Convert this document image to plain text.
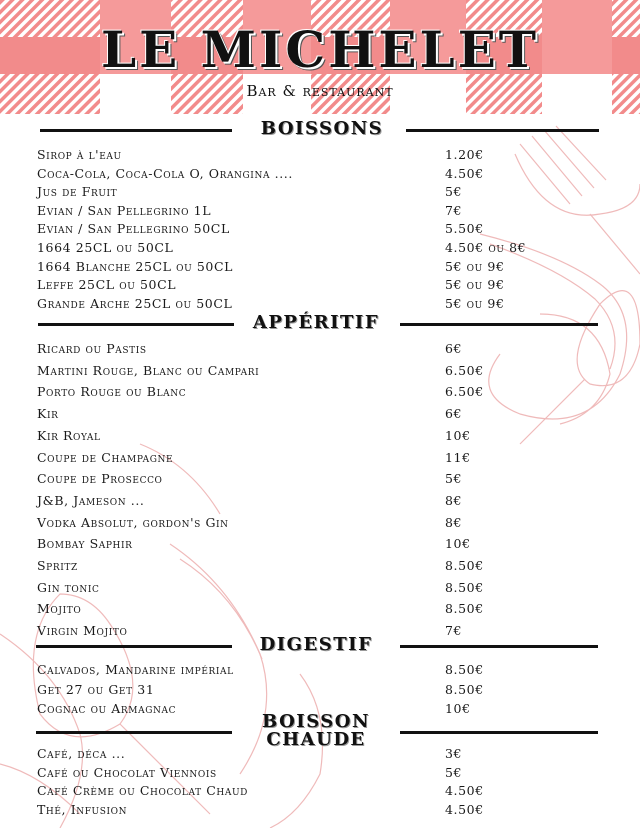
LE MICHELET
Bar & restaurant
BOISSONS
Sirop à l'eau	1.20€
Coca-Cola, Coca-Cola O, Orangina ....	4.50€
Jus de Fruit	5€
Evian / San Pellegrino 1L	7€
Evian / San Pellegrino 50CL	5.50€
1664 25CL ou 50CL	4.50€ ou 8€
1664 Blanche 25CL ou 50CL	5€ ou 9€
Leffe 25CL ou 50CL	5€ ou 9€
Grande Arche 25CL ou 50CL	5€ ou 9€
APPÉRITIF
Ricard ou Pastis	6€
Martini Rouge, Blanc ou Campari	6.50€
Porto Rouge ou Blanc	6.50€
Kir	6€
Kir Royal	10€
Coupe de Champagne	11€
Coupe de Prosecco	5€
J&B, Jameson ...	8€
Vodka Absolut, gordon's Gin	8€
Bombay Saphir	10€
Spritz	8.50€
Gin tonic	8.50€
Mojito	8.50€
Virgin Mojito	7€
DIGESTIF
Calvados, Mandarine impérial	8.50€
Get 27 ou Get 31	8.50€
Cognac ou Armagnac	10€
BOISSON
CHAUDE
Café, déca ...	3€
Café ou Chocolat Viennois	5€
Café Crème ou Chocolat Chaud	4.50€
Thé, Infusion	4.50€
